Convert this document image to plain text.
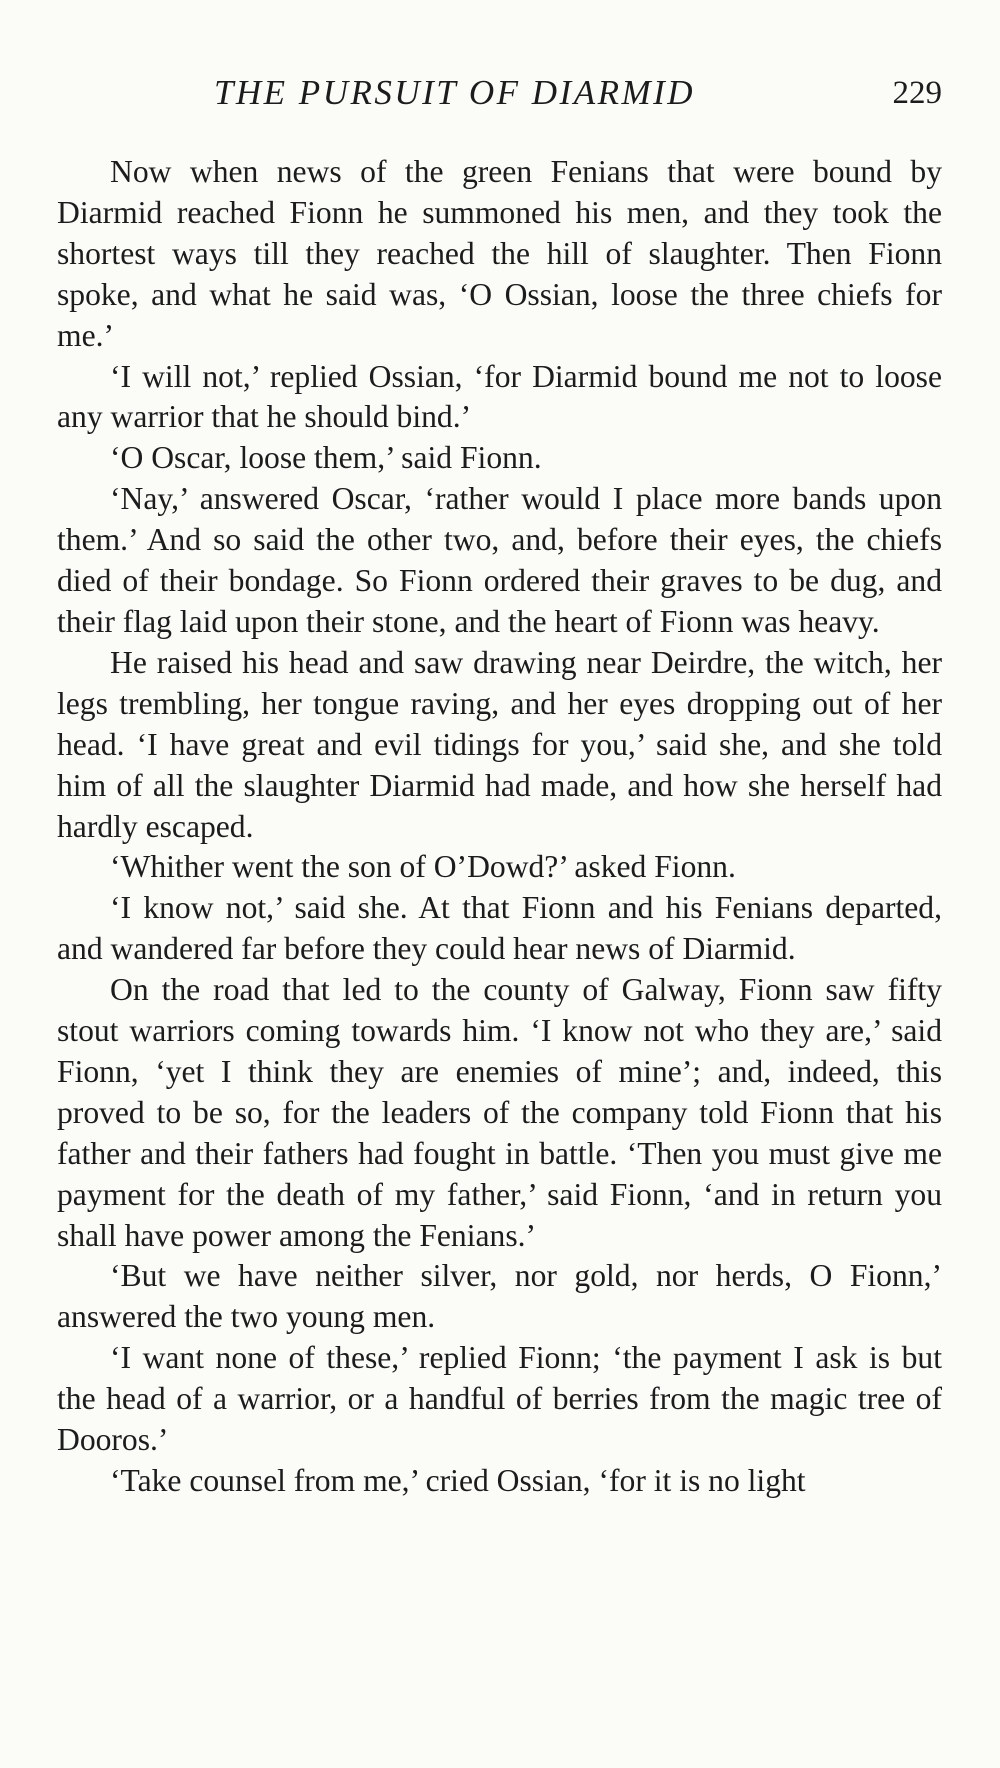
THE PURSUIT OF DIARMID	229

Now when news of the green Fenians that were bound by Diarmid reached Fionn he summoned his men, and they took the shortest ways till they reached the hill of slaughter. Then Fionn spoke, and what he said was, ‘O Ossian, loose the three chiefs for me.’

‘I will not,’ replied Ossian, ‘for Diarmid bound me not to loose any warrior that he should bind.’

‘O Oscar, loose them,’ said Fionn.

‘Nay,’ answered Oscar, ‘rather would I place more bands upon them.’ And so said the other two, and, before their eyes, the chiefs died of their bondage. So Fionn ordered their graves to be dug, and their flag laid upon their stone, and the heart of Fionn was heavy.

He raised his head and saw drawing near Deirdre, the witch, her legs trembling, her tongue raving, and her eyes dropping out of her head. ‘I have great and evil tidings for you,’ said she, and she told him of all the slaughter Diarmid had made, and how she herself had hardly escaped.

‘Whither went the son of O’Dowd?’ asked Fionn.

‘I know not,’ said she. At that Fionn and his Fenians departed, and wandered far before they could hear news of Diarmid.

On the road that led to the county of Galway, Fionn saw fifty stout warriors coming towards him. ‘I know not who they are,’ said Fionn, ‘yet I think they are enemies of mine’; and, indeed, this proved to be so, for the leaders of the company told Fionn that his father and their fathers had fought in battle. ‘Then you must give me payment for the death of my father,’ said Fionn, ‘and in return you shall have power among the Fenians.’

‘But we have neither silver, nor gold, nor herds, O Fionn,’ answered the two young men.

‘I want none of these,’ replied Fionn; ‘the payment I ask is but the head of a warrior, or a handful of berries from the magic tree of Dooros.’

‘Take counsel from me,’ cried Ossian, ‘for it is no light
